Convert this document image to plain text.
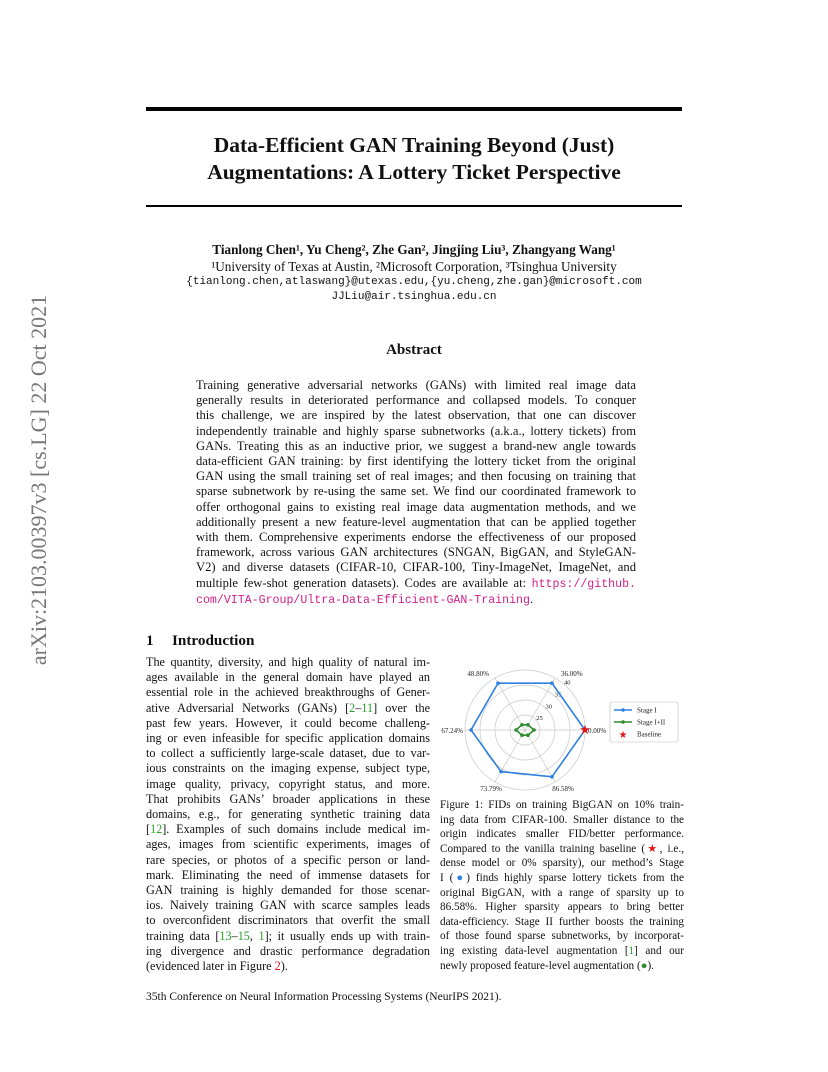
Data-Efficient GAN Training Beyond (Just)
Augmentations: A Lottery Ticket Perspective
arXiv:2103.00397v3 [cs.LG] 22 Oct 2021
Tianlong Chen¹, Yu Cheng², Zhe Gan², Jingjing Liu³, Zhangyang Wang¹
¹University of Texas at Austin, ²Microsoft Corporation, ³Tsinghua University
{tianlong.chen,atlaswang}@utexas.edu,{yu.cheng,zhe.gan}@microsoft.com
JJLiu@air.tsinghua.edu.cn
Abstract
Training generative adversarial networks (GANs) with limited real image data
generally results in deteriorated performance and collapsed models. To conquer
this challenge, we are inspired by the latest observation, that one can discover
independently trainable and highly sparse subnetworks (a.k.a., lottery tickets) from
GANs. Treating this as an inductive prior, we suggest a brand-new angle towards
data-efficient GAN training: by first identifying the lottery ticket from the original
GAN using the small training set of real images; and then focusing on training that
sparse subnetwork by re-using the same set. We find our coordinated framework to
offer orthogonal gains to existing real image data augmentation methods, and we
additionally present a new feature-level augmentation that can be applied together
with them. Comprehensive experiments endorse the effectiveness of our proposed
framework, across various GAN architectures (SNGAN, BigGAN, and StyleGAN-
V2) and diverse datasets (CIFAR-10, CIFAR-100, Tiny-ImageNet, ImageNet, and
multiple few-shot generation datasets). Codes are available at: https://github.
com/VITA-Group/Ultra-Data-Efficient-GAN-Training.
1 Introduction
The quantity, diversity, and high quality of natural im-
ages available in the general domain have played an
essential role in the achieved breakthroughs of Gener-
ative Adversarial Networks (GANs) [2–11] over the
past few years. However, it could become challeng-
ing or even infeasible for specific application domains
to collect a sufficiently large-scale dataset, due to var-
ious constraints on the imaging expense, subject type,
image quality, privacy, copyright status, and more.
That prohibits GANs’ broader applications in these
domains, e.g., for generating synthetic training data
[12]. Examples of such domains include medical im-
ages, images from scientific experiments, images of
rare species, or photos of a specific person or land-
mark. Eliminating the need of immense datasets for
GAN training is highly demanded for those scenar-
ios. Naively training GAN with scarce samples leads
to overconfident discriminators that overfit the small
training data [13–15, 1]; it usually ends up with train-
ing divergence and drastic performance degradation
(evidenced later in Figure 2).
25
30
35
40
0.00%
36.00%
48.80%
67.24%
73.79%	86.58%
★
Stage I
Stage I+II
★ Baseline
Figure 1: FIDs on training BigGAN on 10% train-
ing data from CIFAR-100. Smaller distance to the
origin indicates smaller FID/better performance.
Compared to the vanilla training baseline (★, i.e.,
dense model or 0% sparsity), our method’s Stage
I (●) finds highly sparse lottery tickets from the
original BigGAN, with a range of sparsity up to
86.58%. Higher sparsity appears to bring better
data-efficiency. Stage II further boosts the training
of those found sparse subnetworks, by incorporat-
ing existing data-level augmentation [1] and our
newly proposed feature-level augmentation (●).
35th Conference on Neural Information Processing Systems (NeurIPS 2021).
